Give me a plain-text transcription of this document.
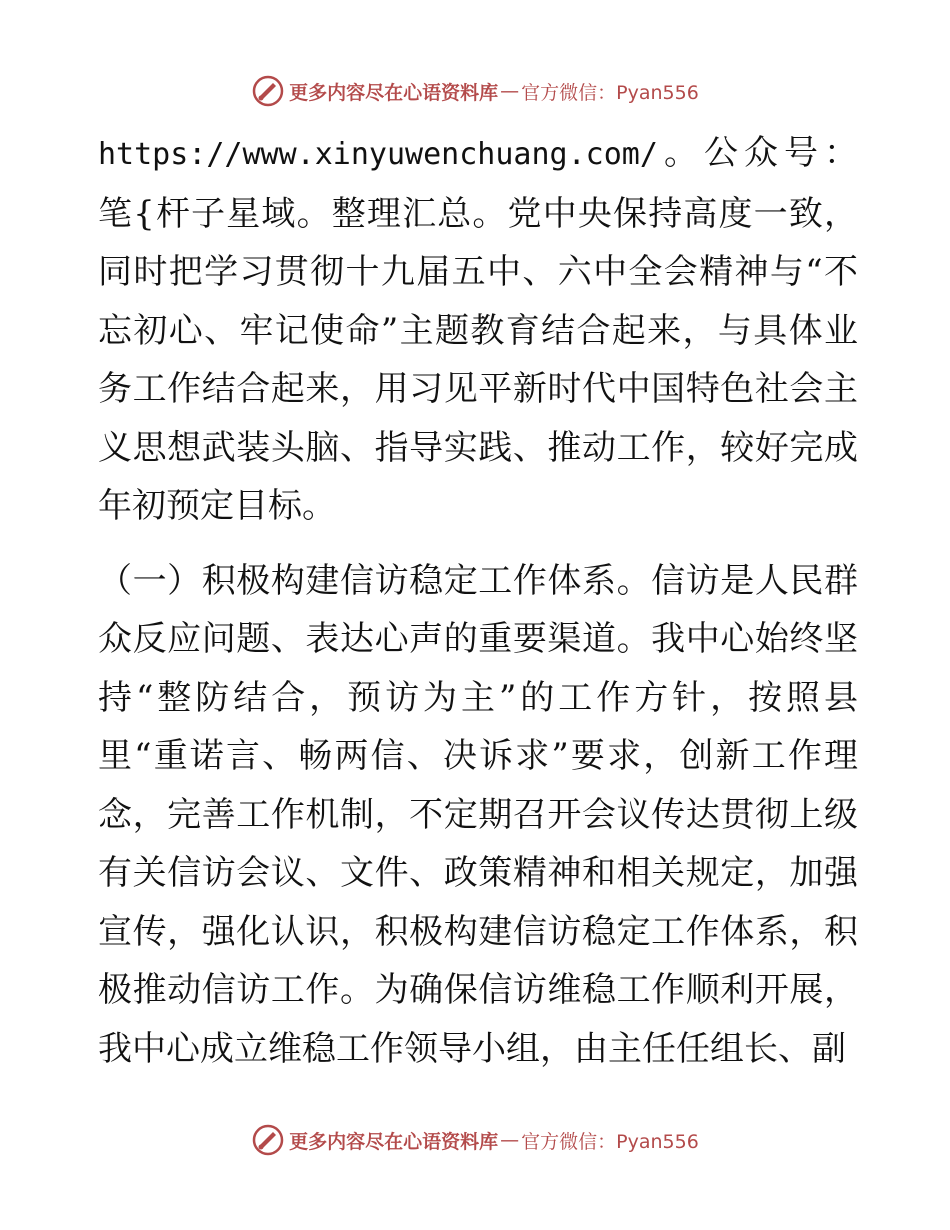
更多内容尽在心语资料库 — 官方微信：Pyan556

https://www.xinyuwenchuang.com/。公众号：笔{杆子星域。整理汇总。党中央保持高度一致，同时把学习贯彻十九届五中、六中全会精神与“不忘初心、牢记使命”主题教育结合起来，与具体业务工作结合起来，用习见平新时代中国特色社会主义思想武装头脑、指导实践、推动工作，较好完成年初预定目标。

（一）积极构建信访稳定工作体系。信访是人民群众反应问题、表达心声的重要渠道。我中心始终坚持“整防结合，预访为主”的工作方针，按照县里“重诺言、畅两信、决诉求”要求，创新工作理念，完善工作机制，不定期召开会议传达贯彻上级有关信访会议、文件、政策精神和相关规定，加强宣传，强化认识，积极构建信访稳定工作体系，积极推动信访工作。为确保信访维稳工作顺利开展，我中心成立维稳工作领导小组，由主任任组长、副

更多内容尽在心语资料库 — 官方微信：Pyan556
